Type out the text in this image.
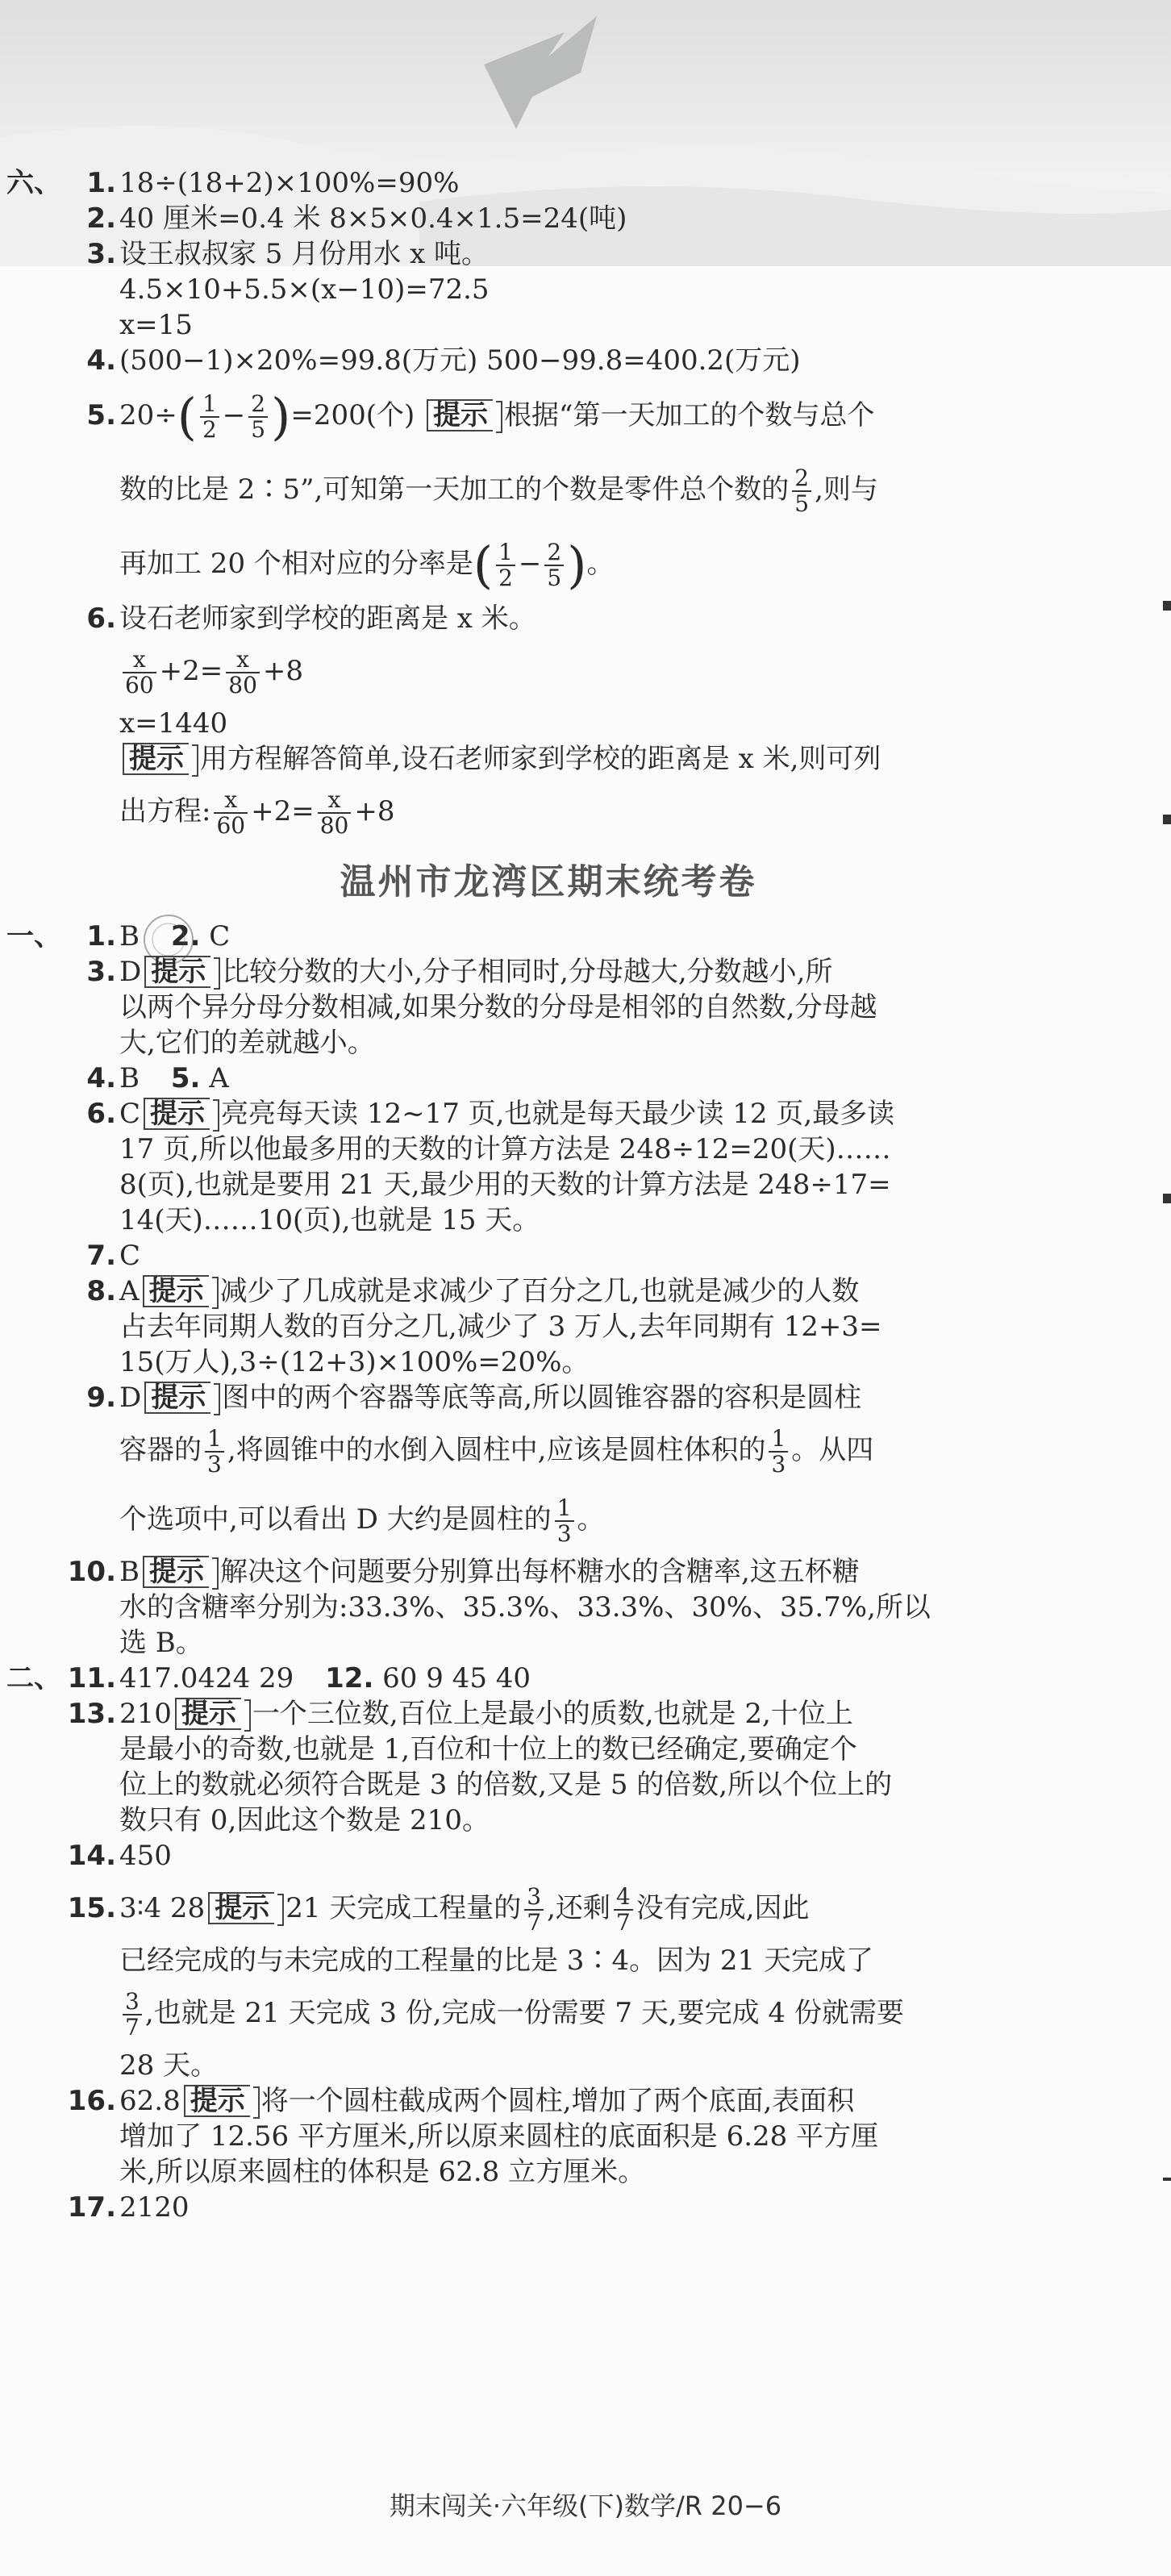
六、 1. 18÷(18+2)×100%=90%
2. 40 厘米=0.4 米 8×5×0.4×1.5=24(吨)
3. 设王叔叔家 5 月份用水 x 吨。
4.5×10+5.5×(x−10)=72.5
x=15
4. (500−1)×20%=99.8(万元) 500−99.8=400.2(万元)
5. $20\div( \frac{1}{2} - \frac{2}{5} )=200$(个) 提示 根据“第一天加工的个数与总个
数的比是 2∶5”,可知第一天加工的个数是零件总个数的 $\frac{2}{5}$ ,则与
再加工 20 个相对应的分率是( $\frac{1}{2} - \frac{2}{5}$ )。
6. 设石老师家到学校的距离是 x 米。
$\frac{x}{60} +2= \frac{x}{80} +8$
x=1440
提示 用方程解答简单,设石老师家到学校的距离是 x 米,则可列
出方程: $\frac{x}{60} +2= \frac{x}{80} +8$
温州市龙湾区期末统考卷
一、 1. B 2. C
3. D 提示 比较分数的大小,分子相同时,分母越大,分数越小,所
以两个异分母分数相减,如果分数的分母是相邻的自然数,分母越
大,它们的差就越小。
4. B 5. A
6. C 提示 亮亮每天读 12~17 页,也就是每天最少读 12 页,最多读
17 页,所以他最多用的天数的计算方法是 248÷12=20(天)……
8(页),也就是要用 21 天,最少用的天数的计算方法是 248÷17=
14(天)……10(页),也就是 15 天。
7. C
8. A 提示 减少了几成就是求减少了百分之几,也就是减少的人数
占去年同期人数的百分之几,减少了 3 万人,去年同期有 12+3=
15(万人),3÷(12+3)×100%=20%。
9. D 提示 图中的两个容器等底等高,所以圆锥容器的容积是圆柱
容器的 $\frac{1}{3}$ ,将圆锥中的水倒入圆柱中,应该是圆柱体积的 $\frac{1}{3}$ 。从四
个选项中,可以看出 D 大约是圆柱的 $\frac{1}{3}$ 。
10. B 提示 解决这个问题要分别算出每杯糖水的含糖率,这五杯糖
水的含糖率分别为:33.3%、35.3%、33.3%、30%、35.7%,所以
选 B。
二、 11. 417.0424 29 12. 60 9 45 40
13. 210 提示 一个三位数,百位上是最小的质数,也就是 2,十位上
是最小的奇数,也就是 1,百位和十位上的数已经确定,要确定个
位上的数就必须符合既是 3 的倍数,又是 5 的倍数,所以个位上的
数只有 0,因此这个数是 210。
14. 450
15. 3∶4 28 提示 21 天完成工程量的 $\frac{3}{7}$ ,还剩 $\frac{4}{7}$ 没有完成,因此
已经完成的与未完成的工程量的比是 3∶4。因为 21 天完成了
$\frac{3}{7}$ ,也就是 21 天完成 3 份,完成一份需要 7 天,要完成 4 份就需要
28 天。
16. 62.8 提示 将一个圆柱截成两个圆柱,增加了两个底面,表面积
增加了 12.56 平方厘米,所以原来圆柱的底面积是 6.28 平方厘
米,所以原来圆柱的体积是 62.8 立方厘米。
17. 2120
期末闯关·六年级(下)数学/R 20−6
